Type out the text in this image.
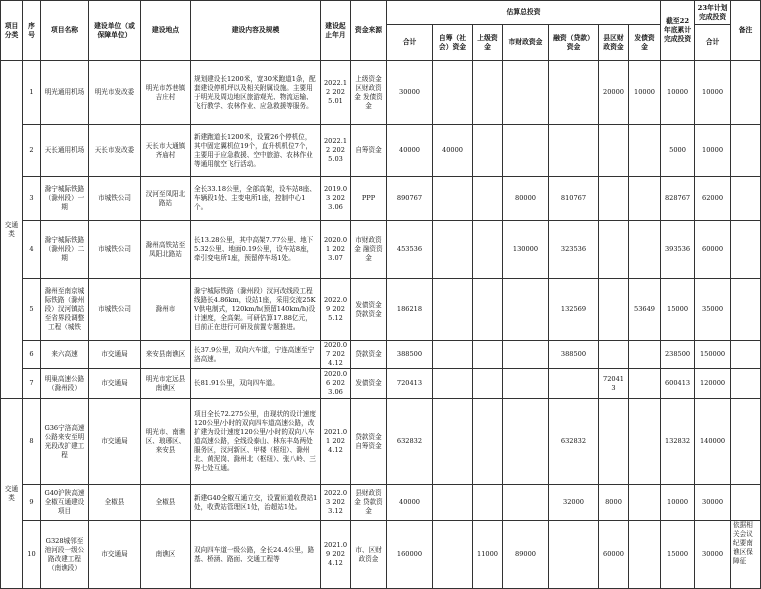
项目分类	序号	项目名称	建设单位（或保障单位）	建设地点	建设内容及规模	建设起止年月	资金来源	估算总投资							截至22年底累计完成投资	23年计划完成投资	备注
								合计	自筹（社会）资金	上级资金	市财政资金	融资（贷款）资金	县区财政资金	发债资金		合计	
交通类	1	明光通用机场	明光市发改委	明光市苏巷镇吉庄村	规划建设长1200米，宽30米跑道1条，配套建设停机坪以及相关附属设施。主要用于明光及周边地区旅游观光、物流运输、飞行教学、农林作业、应急救援等服务。	2022.12 2025.01	上级资金 区财政资金 发债资金	30000					20000	10000	10000	10000	
	2	天长通用机场	天长市发改委	天长市大通镇齐庙村	新建跑道长1200米，设置26个停机位，其中固定翼机位19个，直升机机位7个，主要用于应急救援、空中旅游、农林作业等通用航空飞行活动。	2022.12 2025.03	自筹资金	40000	40000						5000	10000	
	3	滁宁城际铁路（滁州段）一期	市城铁公司	汊河至凤阳北路站	全长33.18公里，全部高架，设车站8座、车辆段1处、主变电所1座，控制中心1个。	2019.03 2023.06	PPP	890767			80000	810767			828767	62000	
	4	滁宁城际铁路（滁州段）二期	市城铁公司	滁州高铁站至凤阳北路站	长13.28公里，其中高架7.77公里、地下5.32公里、地面0.19公里，设车站8座，牵引变电所1座，预留停车场1处。	2020.01 2023.07	市财政资金 融资资金	453536			130000	323536			393536	60000	
	5	滁州至南京城际铁路（滁州段）汊河镇站至省界段调整工程（城铁	市城铁公司	滁州市	滁宁城际铁路（滁州段）汊河改线段工程线路长4.86km，设站1座，采用交流25KV供电制式，120km/h(预留140km/h)设计速度，全高架。可研估算17.88亿元，目前正在进行可研及前置专题推进。	2022.09 2025.12	发债资金 贷款资金	186218				132569		53649	15000	35000	
	6	来六高速	市交通局	来安县南谯区	长37.9公里，双向六车道，宁连高速至宁洛高速。	2020.07 2024.12	贷款资金	388500				388500			238500	150000	
	7	明巢高速公路（滁州段）	市交通局	明光市定远县南谯区	长81.91公里，双向四车道。	2020.06 2023.06	发债资金	720413					720413		600413	120000	
交通类	8	G36宁洛高速公路来安至明光段改扩建工程	市交通局	明光市、南谯区、琅琊区、来安县	项目全长72.275公里，由现状的设计速度120公里/小时的双向四车道高速公路，改扩建为设计速度120公里/小时的双向八车道高速公路，全线设泰山、林东丰岛两处服务区，汊河新区、甲楼（枢纽）、滁州北、黄泥岗、滁州北（枢纽）、张八岭、三界七处互通。	2021.01 2024.12	贷款资金 自筹资金	632832				632832			132832	140000	
	9	G40沪陕高速全椒互通建设项目	全椒县	全椒县	新建G40全椒互通立交，设置匝道收费站1处，收费站管理区1处，治超站1处。	2022.03 2023.12	县财政资金 贷款资金	40000				32000	8000		10000	30000	
	10	G328城邻至池河段一级公路改建工程（南谯段）	市交通局	南谯区	双向四车道一级公路，全长24.4公里，路基、桥涵、路面、交通工程等	2021.09 2024.12	市、区财政资金	160000		11000	89000		60000		15000	30000	依据相关会议纪要南谯区保障征
